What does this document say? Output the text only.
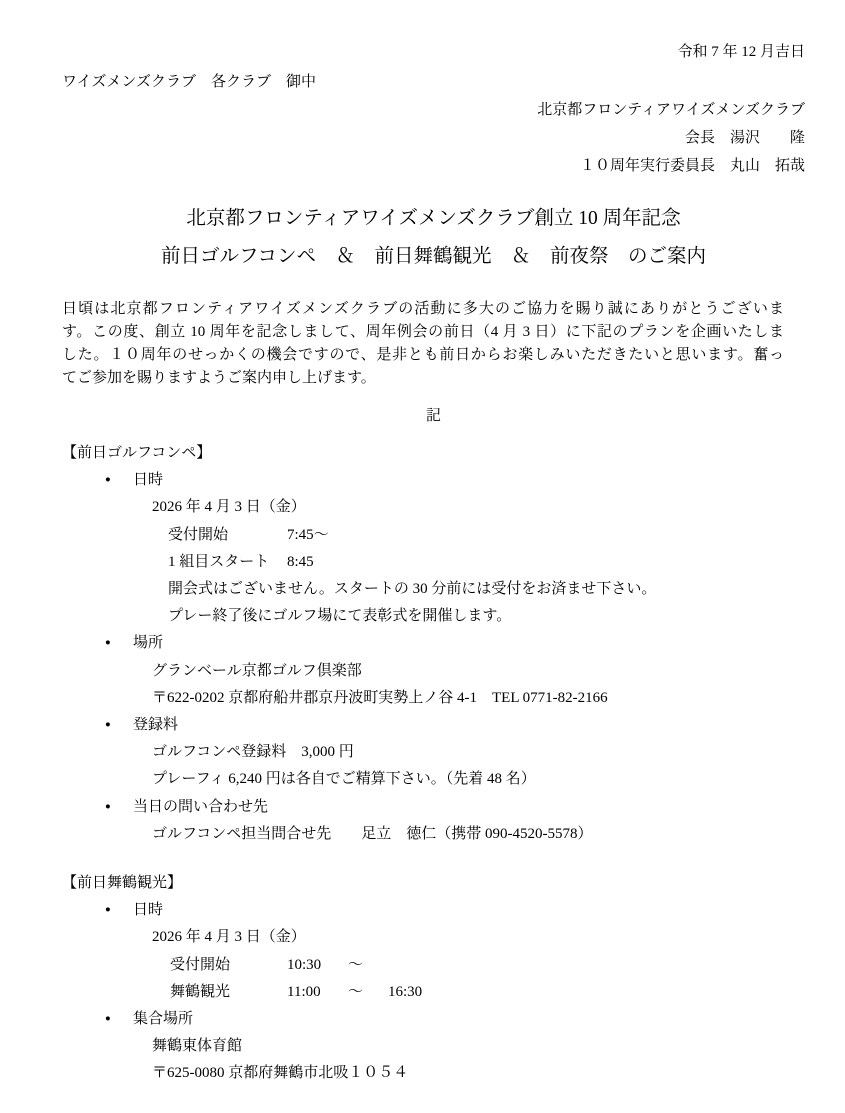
令和 7 年 12 月吉日
ワイズメンズクラブ　各クラブ　御中
北京都フロンティアワイズメンズクラブ
会長　湯沢　　隆
１０周年実行委員長　丸山　拓哉
北京都フロンティアワイズメンズクラブ創立 10 周年記念
前日ゴルフコンペ　＆　前日舞鶴観光　＆　前夜祭　のご案内
日頃は北京都フロンティアワイズメンズクラブの活動に多大のご協力を賜り誠にありがとうございま
す。この度、創立 10 周年を記念しまして、周年例会の前日（4 月 3 日）に下記のプランを企画いたしま
した。１０周年のせっかくの機会ですので、是非とも前日からお楽しみいただきたいと思います。奮っ
てご参加を賜りますようご案内申し上げます。
記
【前日ゴルフコンペ】
● 日時
2026 年 4 月 3 日（金）
受付開始	7:45～
1 組目スタート 8:45
開会式はございません。スタートの 30 分前には受付をお済ませ下さい。
プレー終了後にゴルフ場にて表彰式を開催します。
● 場所
グランベール京都ゴルフ倶楽部
〒622-0202 京都府船井郡京丹波町実勢上ノ谷 4-1　TEL 0771-82-2166
● 登録料
ゴルフコンペ登録料　3,000 円
プレーフィ 6,240 円は各自でご精算下さい。（先着 48 名）
● 当日の問い合わせ先
ゴルフコンペ担当問合せ先　　足立　徳仁（携帯 090-4520-5578）
【前日舞鶴観光】
● 日時
2026 年 4 月 3 日（金）
受付開始	10:30 ～
舞鶴観光	11:00 ～ 16:30
● 集合場所
舞鶴東体育館
〒625-0080 京都府舞鶴市北吸１０５４
